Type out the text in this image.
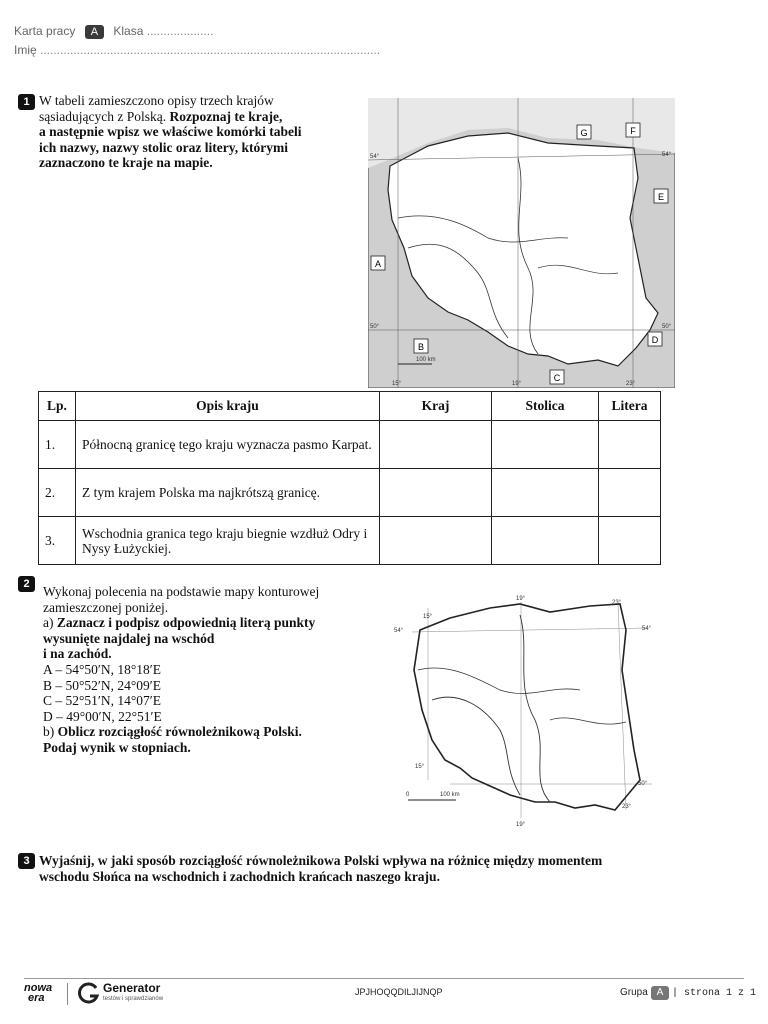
Karta pracy A Klasa ....................
Imię ......................................................................................................
1 W tabeli zamieszczono opisy trzech krajów
sąsiadujących z Polską. Rozpoznaj te kraje,
a następnie wpisz we właściwe komórki tabeli
ich nazwy, nazwy stolic oraz litery, którymi
zaznaczono te kraje na mapie.	54°	54°
50°	50°
15°	19°	23°
100 km
G	F
E
A
B
C
D
Lp.	Opis kraju	Kraj	Stolica	Litera
1.	Północną granicę tego kraju wyznacza pasmo Karpat.			
2.	Z tym krajem Polska ma najkrótszą granicę.			
3.	Wschodnia granica tego kraju biegnie wzdłuż Odry i Nysy Łużyckiej.			
2 Wykonaj polecenia na podstawie mapy konturowej
zamieszczonej poniżej.
a) Zaznacz i podpisz odpowiednią literą punkty
wysunięte najdalej na wschód
i na zachód.
A – 54°50′N, 18°18′E
B – 50°52′N, 24°09′E
C – 52°51′N, 14°07′E
D – 49°00′N, 22°51′E
b) Oblicz rozciągłość równoleżnikową Polski.
Podaj wynik w stopniach.
19°
23°
15°
54°	54°
15°
50°
23°
19°
0	100 km
3 Wyjaśnij, w jaki sposób rozciągłość równoleżnikowa Polski wpływa na różnicę między momentem
wschodu Słońca na wschodnich i zachodnich krańcach naszego kraju.
nowa
era
Generator
testów i sprawdzianów
JPJHOQQDILJIJNQP	Grupa A | strona 1 z 1
